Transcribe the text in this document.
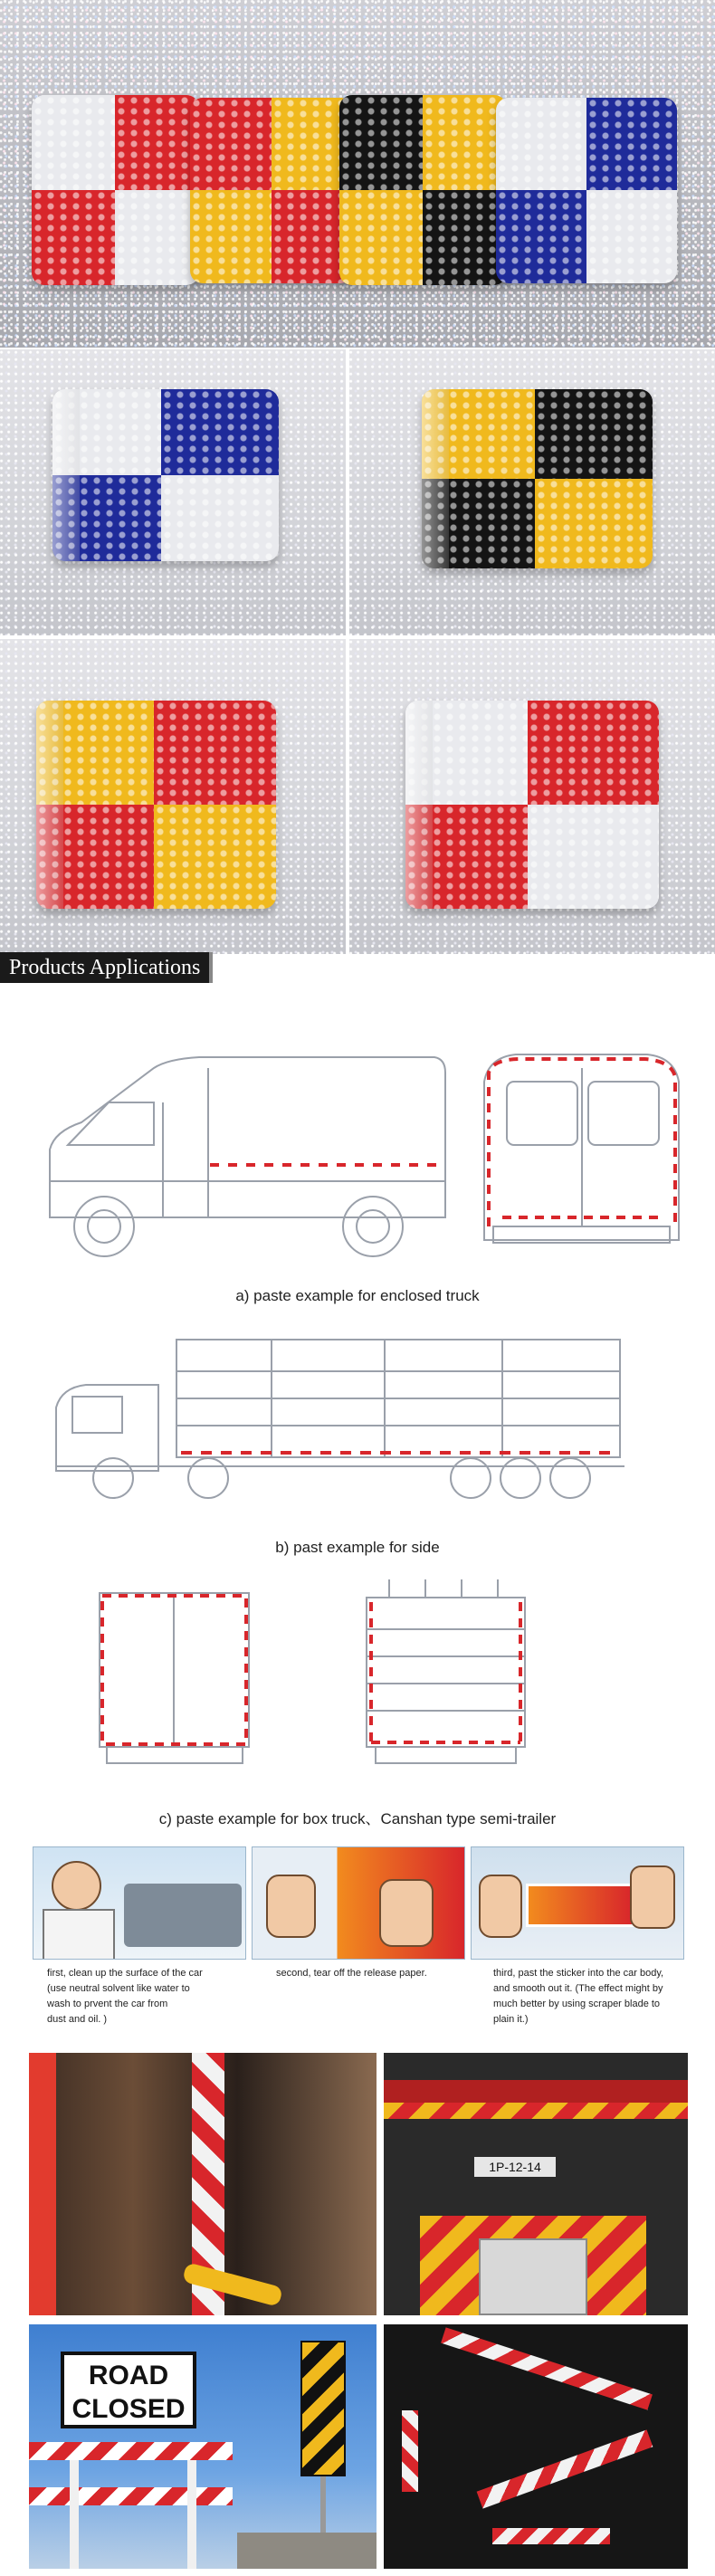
Products Applications
a) paste example for enclosed truck
b) past example for side
c) paste example for box truck、Canshan type semi-trailer
first, clean up the surface of the car
(use neutral solvent like water to
wash to prvent the car from
dust and oil. )
second, tear off the release paper.	third, past the sticker into the car body,
and smooth out it. (The effect might by
much better by using scraper blade to
plain it.)
1P-12-14
ROAD
CLOSED
